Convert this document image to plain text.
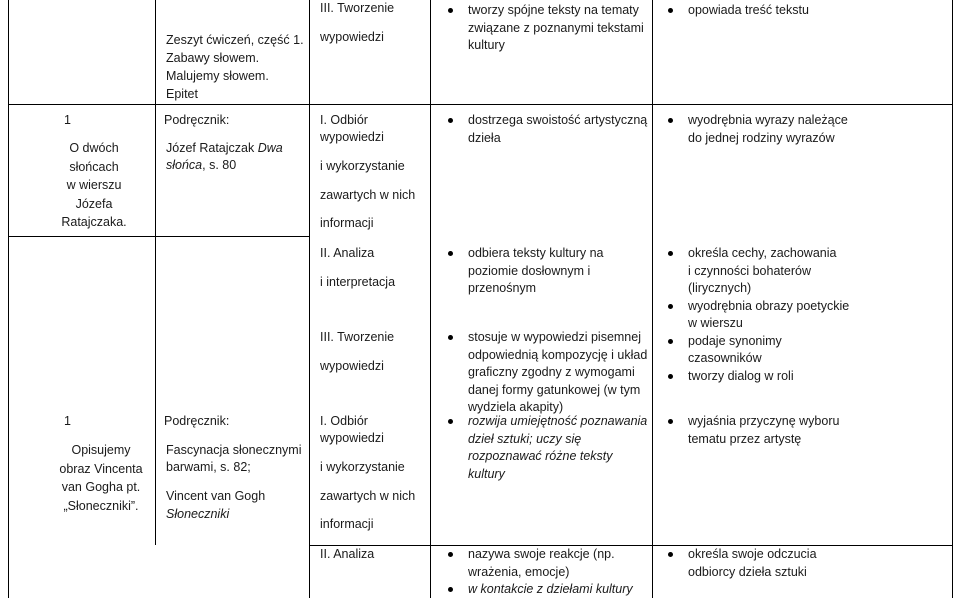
Zeszyt ćwiczeń, część 1.
Zabawy słowem.
Malujemy słowem.
Epitet
III. Tworzenie
wypowiedzi
tworzy spójne teksty na tematy
związane z poznanymi tekstami
kultury
opowiada treść tekstu
1
O dwóch
słońcach
w wierszu
Józefa
Ratajczaka.
Podręcznik:
Józef Ratajczak Dwa
słońca, s. 80
I. Odbiór
wypowiedzi
i wykorzystanie
zawartych w nich
informacji
dostrzega swoistość artystyczną
dzieła
wyodrębnia wyrazy należące
do jednej rodziny wyrazów
II. Analiza
i interpretacja
odbiera teksty kultury na
poziomie dosłownym i
przenośnym
określa cechy, zachowania
i czynności bohaterów
(lirycznych)
wyodrębnia obrazy poetyckie
w wierszu
podaje synonimy
czasowników
tworzy dialog w roli
III. Tworzenie
wypowiedzi
stosuje w wypowiedzi pisemnej
odpowiednią kompozycję i układ
graficzny zgodny z wymogami
danej formy gatunkowej (w tym
wydziela akapity)
1
Opisujemy
obraz Vincenta
van Gogha pt.
„Słoneczniki”.
Podręcznik:
Fascynacja słonecznymi
barwami, s. 82;
Vincent van Gogh
Słoneczniki
I. Odbiór
wypowiedzi
i wykorzystanie
zawartych w nich
informacji
rozwija umiejętność poznawania
dzieł sztuki; uczy się
rozpoznawać różne teksty
kultury
wyjaśnia przyczynę wyboru
tematu przez artystę
II. Analiza	nazywa swoje reakcje (np.
wrażenia, emocje)
w kontakcie z dziełami kultury
określa swoje odczucia
odbiorcy dzieła sztuki
